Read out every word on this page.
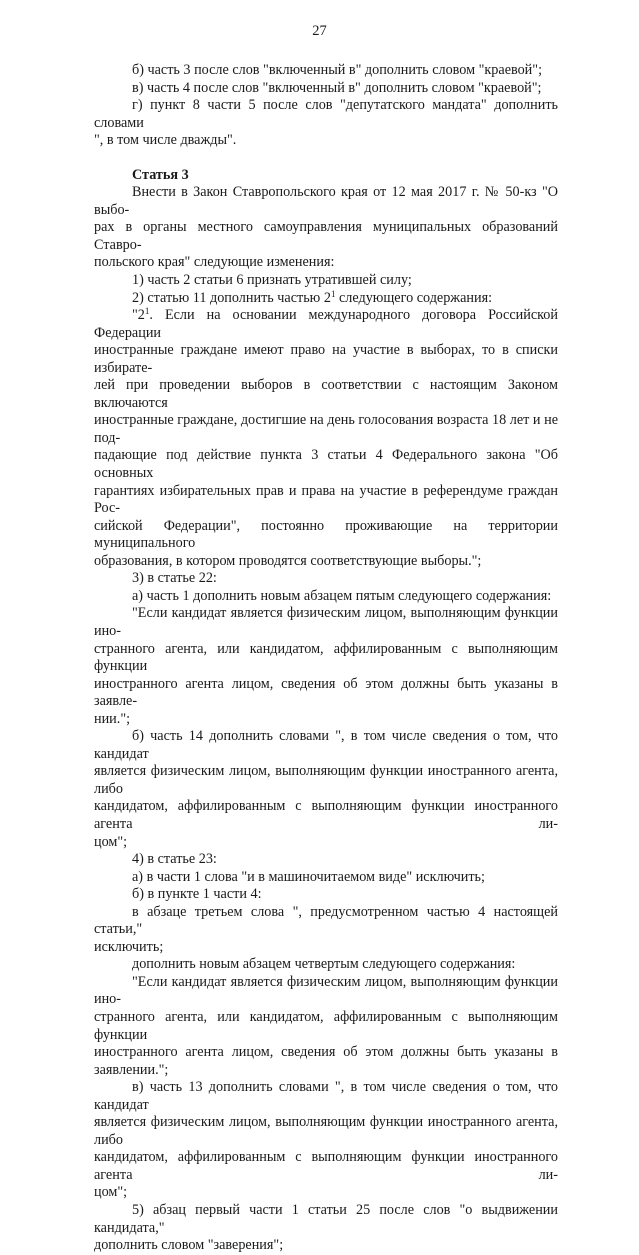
27

б) часть 3 после слов "включенный в" дополнить словом "краевой";

в) часть 4 после слов "включенный в" дополнить словом "краевой";

г) пункт 8 части 5 после слов "депутатского мандата" дополнить словами
", в том числе дважды".

Статья 3

Внести в Закон Ставропольского края от 12 мая 2017 г. № 50-кз "О выбо-
рах в органы местного самоуправления муниципальных образований Ставро-
польского края" следующие изменения:

1) часть 2 статьи 6 признать утратившей силу;

2) статью 11 дополнить частью $2^1$ следующего содержания:

"$2^1$. Если на основании международного договора Российской Федерации
иностранные граждане имеют право на участие в выборах, то в списки избирате-
лей при проведении выборов в соответствии с настоящим Законом включаются
иностранные граждане, достигшие на день голосования возраста 18 лет и не под-
падающие под действие пункта 3 статьи 4 Федерального закона "Об основных
гарантиях избирательных прав и права на участие в референдуме граждан Рос-
сийской Федерации", постоянно проживающие на территории муниципального
образования, в котором проводятся соответствующие выборы.";

3) в статье 22:

а) часть 1 дополнить новым абзацем пятым следующего содержания:

"Если кандидат является физическим лицом, выполняющим функции ино-
странного агента, или кандидатом, аффилированным с выполняющим функции
иностранного агента лицом, сведения об этом должны быть указаны в заявле-
нии.";

б) часть 14 дополнить словами ", в том числе сведения о том, что кандидат
является физическим лицом, выполняющим функции иностранного агента, либо
кандидатом, аффилированным с выполняющим функции иностранного агента ли-
цом";

4) в статье 23:

а) в части 1 слова "и в машиночитаемом виде" исключить;

б) в пункте 1 части 4:

в абзаце третьем слова ", предусмотренном частью 4 настоящей статьи,"
исключить;

дополнить новым абзацем четвертым следующего содержания:

"Если кандидат является физическим лицом, выполняющим функции ино-
странного агента, или кандидатом, аффилированным с выполняющим функции
иностранного агента лицом, сведения об этом должны быть указаны в заявлении.";

в) часть 13 дополнить словами ", в том числе сведения о том, что кандидат
является физическим лицом, выполняющим функции иностранного агента, либо
кандидатом, аффилированным с выполняющим функции иностранного агента ли-
цом";

5) абзац первый части 1 статьи 25 после слов "о выдвижении кандидата,"
дополнить словом "заверения";
